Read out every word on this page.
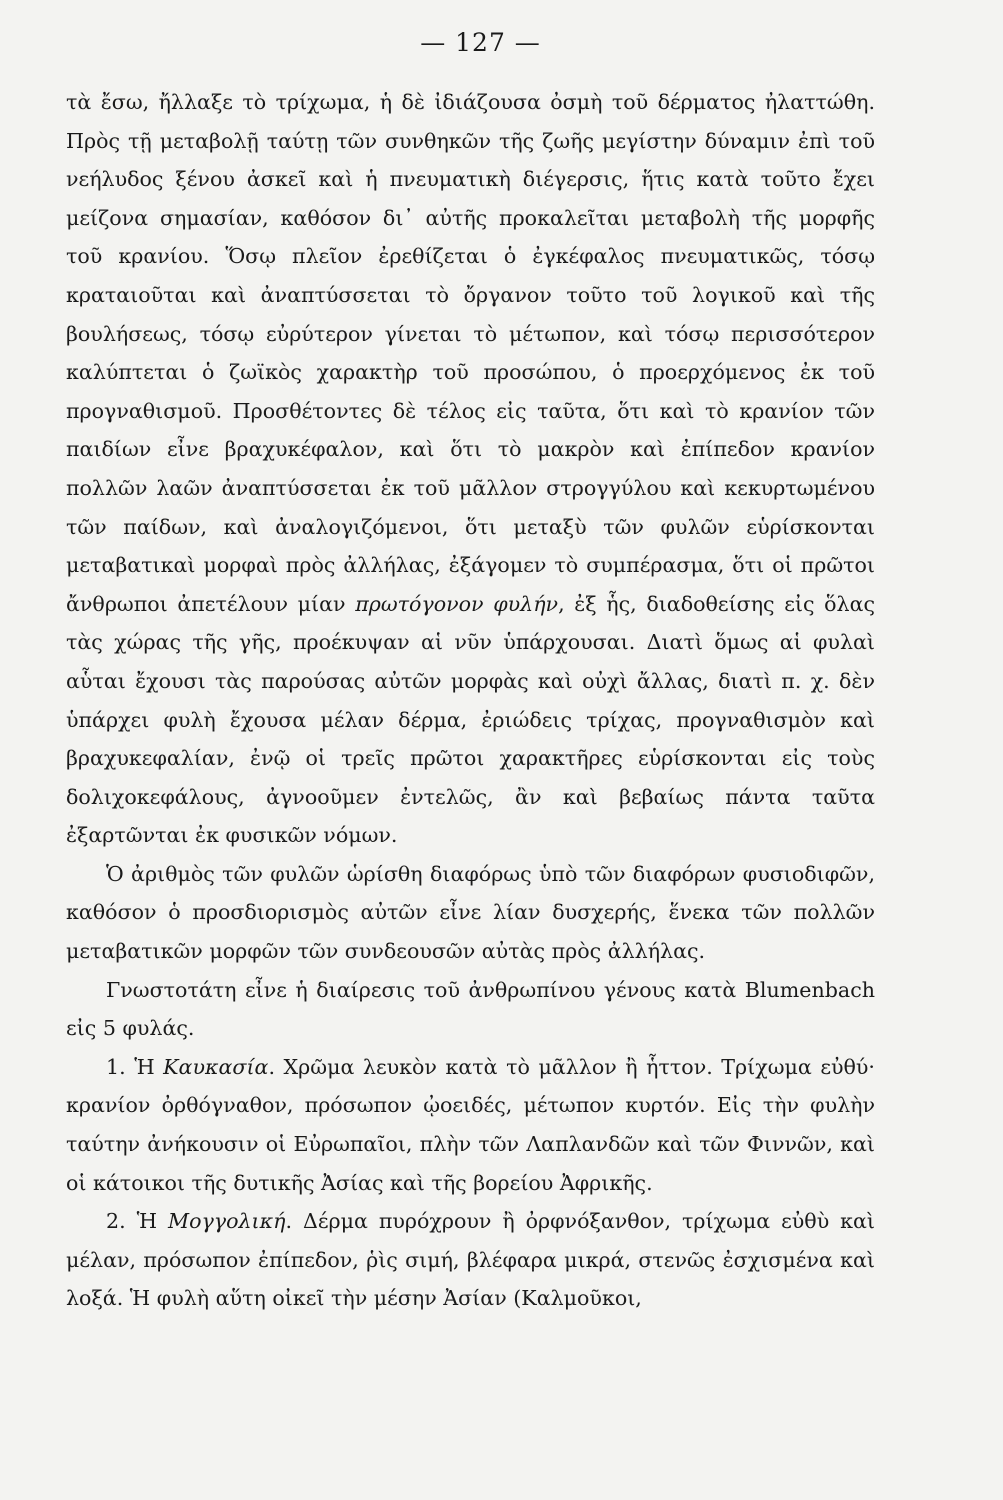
— 127 —

τὰ ἔσω, ἤλλαξε τὸ τρίχωμα, ἡ δὲ ἰδιάζουσα ὀσμὴ τοῦ δέρματος ἠλαττώθη. Πρὸς τῇ μεταβολῇ ταύτῃ τῶν συνθηκῶν τῆς ζωῆς μεγίστην δύναμιν ἐπὶ τοῦ νεήλυδος ξένου ἀσκεῖ καὶ ἡ πνευματικὴ διέγερσις, ἥτις κατὰ τοῦτο ἔχει μείζονα σημασίαν, καθόσον δι᾽ αὐτῆς προκαλεῖται μεταβολὴ τῆς μορφῆς τοῦ κρανίου. Ὅσῳ πλεῖον ἐρεθίζεται ὁ ἐγκέφαλος πνευματικῶς, τόσῳ κραταιοῦται καὶ ἀναπτύσσεται τὸ ὄργανον τοῦτο τοῦ λογικοῦ καὶ τῆς βουλήσεως, τόσῳ εὐρύτερον γίνεται τὸ μέτωπον, καὶ τόσῳ περισσότερον καλύπτεται ὁ ζωϊκὸς χαρακτὴρ τοῦ προσώπου, ὁ προερχόμενος ἐκ τοῦ προγναθισμοῦ. Προσθέτοντες δὲ τέλος εἰς ταῦτα, ὅτι καὶ τὸ κρανίον τῶν παιδίων εἶνε βραχυκέφαλον, καὶ ὅτι τὸ μακρὸν καὶ ἐπίπεδον κρανίον πολλῶν λαῶν ἀναπτύσσεται ἐκ τοῦ μᾶλλον στρογγύλου καὶ κεκυρτωμένου τῶν παίδων, καὶ ἀναλογιζόμενοι, ὅτι μεταξὺ τῶν φυλῶν εὑρίσκονται μεταβατικαὶ μορφαὶ πρὸς ἀλλήλας, ἐξάγομεν τὸ συμπέρασμα, ὅτι οἱ πρῶτοι ἄνθρωποι ἀπετέλουν μίαν πρωτόγονον φυλήν, ἐξ ἧς, διαδοθείσης εἰς ὅλας τὰς χώρας τῆς γῆς, προέκυψαν αἱ νῦν ὑπάρχουσαι. Διατὶ ὅμως αἱ φυλαὶ αὗται ἔχουσι τὰς παρούσας αὐτῶν μορφὰς καὶ οὐχὶ ἄλλας, διατὶ π. χ. δὲν ὑπάρχει φυλὴ ἔχουσα μέλαν δέρμα, ἐριώδεις τρίχας, προγναθισμὸν καὶ βραχυκεφαλίαν, ἐνῷ οἱ τρεῖς πρῶτοι χαρακτῆρες εὑρίσκονται εἰς τοὺς δολιχοκεφάλους, ἀγνοοῦμεν ἐντελῶς, ἂν καὶ βεβαίως πάντα ταῦτα ἐξαρτῶνται ἐκ φυσικῶν νόμων.

Ὁ ἀριθμὸς τῶν φυλῶν ὡρίσθη διαφόρως ὑπὸ τῶν διαφόρων φυσιοδιφῶν, καθόσον ὁ προσδιορισμὸς αὐτῶν εἶνε λίαν δυσχερής, ἕνεκα τῶν πολλῶν μεταβατικῶν μορφῶν τῶν συνδεουσῶν αὐτὰς πρὸς ἀλλήλας.

Γνωστοτάτη εἶνε ἡ διαίρεσις τοῦ ἀνθρωπίνου γένους κατὰ Blumenbach εἰς 5 φυλάς.

1. Ἡ Καυκασία. Χρῶμα λευκὸν κατὰ τὸ μᾶλλον ἢ ἧττον. Τρίχωμα εὐθύ· κρανίον ὀρθόγναθον, πρόσωπον ᾠοειδές, μέτωπον κυρτόν. Εἰς τὴν φυλὴν ταύτην ἀνήκουσιν οἱ Εὐρωπαῖοι, πλὴν τῶν Λαπλανδῶν καὶ τῶν Φιννῶν, καὶ οἱ κάτοικοι τῆς δυτικῆς Ἀσίας καὶ τῆς βορείου Ἀφρικῆς.

2. Ἡ Μογγολική. Δέρμα πυρόχρουν ἢ ὀρφνόξανθον, τρίχωμα εὐθὺ καὶ μέλαν, πρόσωπον ἐπίπεδον, ῥὶς σιμή, βλέφαρα μικρά, στενῶς ἐσχισμένα καὶ λοξά. Ἡ φυλὴ αὕτη οἰκεῖ τὴν μέσην Ἀσίαν (Καλμοῦκοι,
